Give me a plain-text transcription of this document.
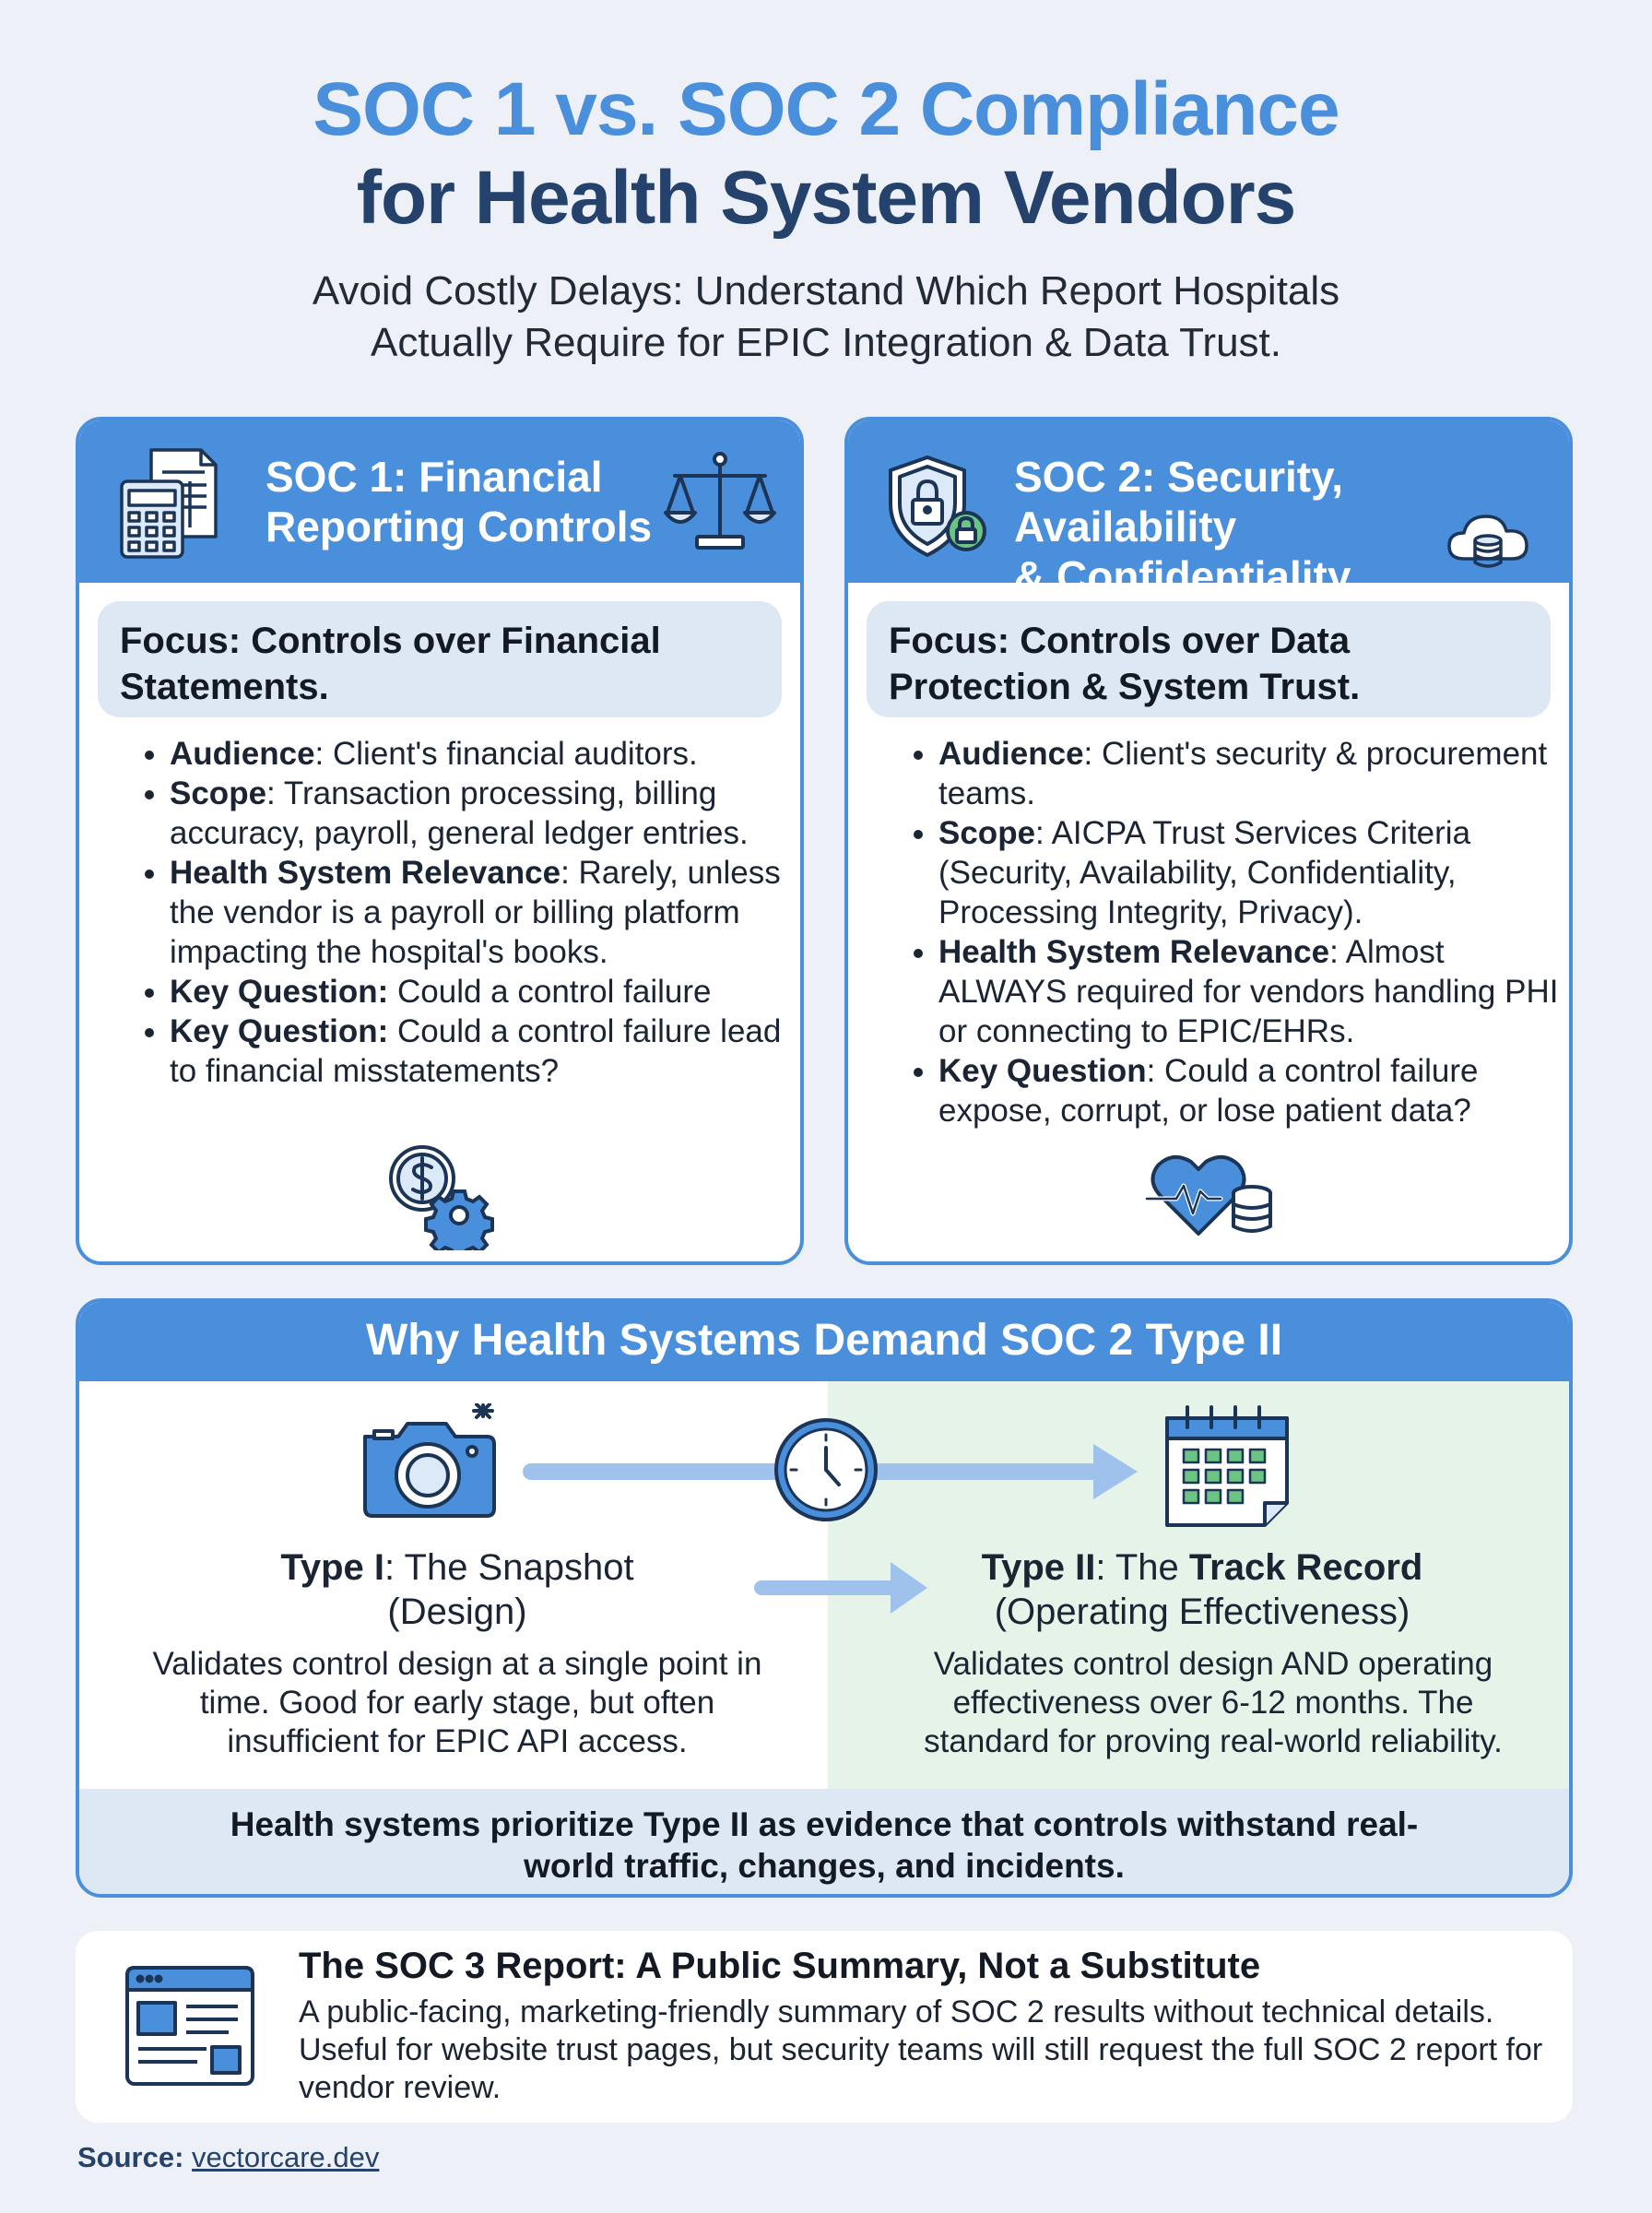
SOC 1 vs. SOC 2 Compliance
for Health System Vendors
Avoid Costly Delays: Understand Which Report Hospitals
Actually Require for EPIC Integration & Data Trust.
SOC 1: Financial
Reporting Controls
Focus: Controls over Financial Statements.
• Audience: Client's financial auditors.
• Scope: Transaction processing, billing accuracy, payroll, general ledger entries.
• Health System Relevance: Rarely, unless the vendor is a payroll or billing platform impacting the hospital's books.
• Key Question: Could a control failure
• Key Question: Could a control failure lead to financial misstatements?
SOC 2: Security, Availability
& Confidentiality
Focus: Controls over Data Protection & System Trust.
• Audience: Client's security & procurement teams.
• Scope: AICPA Trust Services Criteria (Security, Availability, Confidentiality, Processing Integrity, Privacy).
• Health System Relevance: Almost ALWAYS required for vendors handling PHI or connecting to EPIC/EHRs.
• Key Question: Could a control failure expose, corrupt, or lose patient data?
Why Health Systems Demand SOC 2 Type II
Type I: The Snapshot
(Design)
Validates control design at a single point in time. Good for early stage, but often insufficient for EPIC API access.
Type II: The Track Record
(Operating Effectiveness)
Validates control design AND operating effectiveness over 6-12 months. The standard for proving real-world reliability.
Health systems prioritize Type II as evidence that controls withstand real-world traffic, changes, and incidents.
The SOC 3 Report: A Public Summary, Not a Substitute
A public-facing, marketing-friendly summary of SOC 2 results without technical details. Useful for website trust pages, but security teams will still request the full SOC 2 report for vendor review.
Source: vectorcare.dev
